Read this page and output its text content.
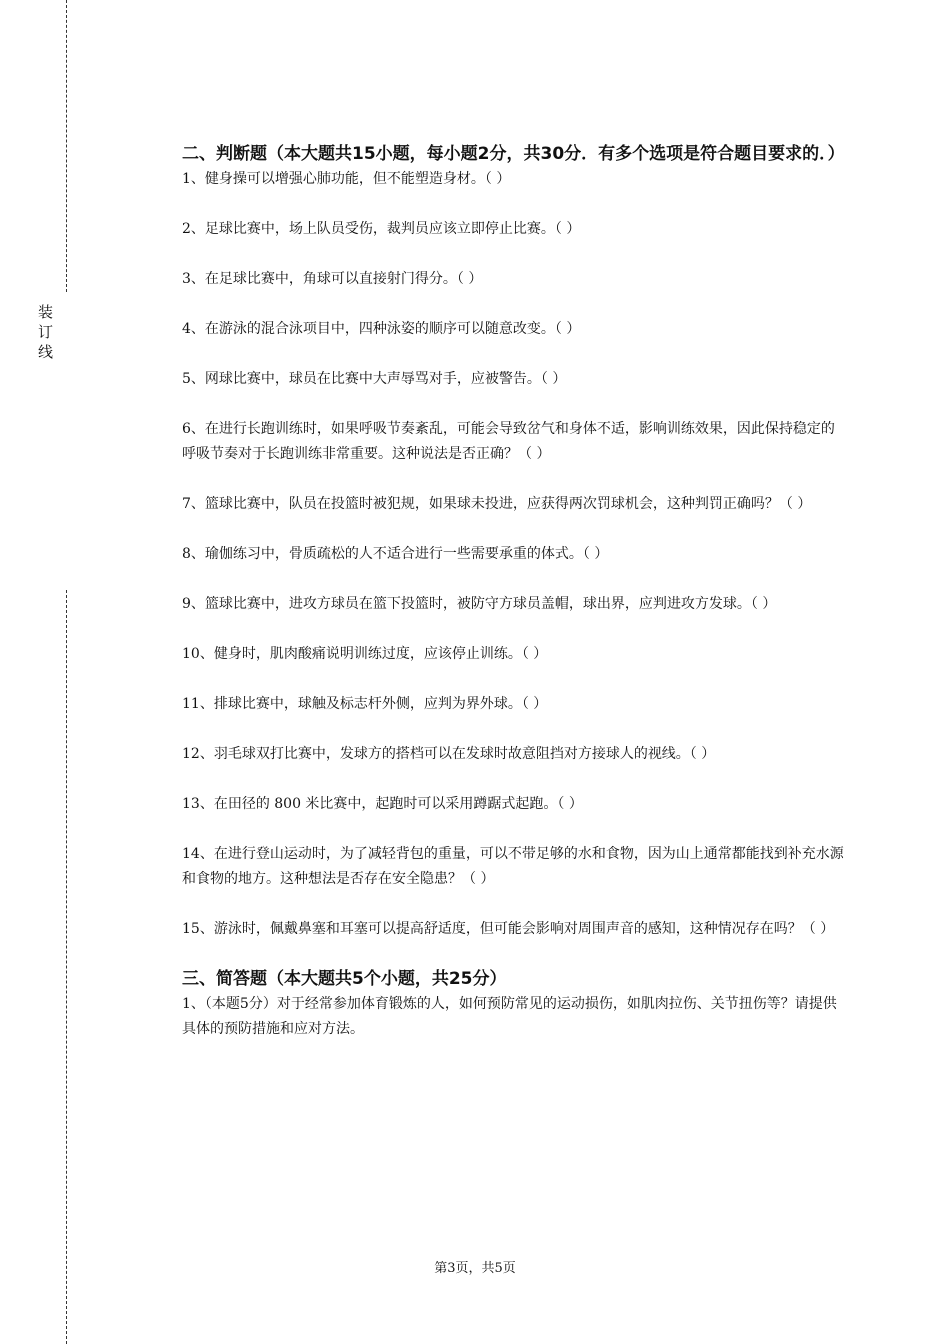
装订线

二、判断题（本大题共15小题，每小题2分，共30分．有多个选项是符合题目要求的．）

1、健身操可以增强心肺功能，但不能塑造身材。（ ）

2、足球比赛中，场上队员受伤，裁判员应该立即停止比赛。（ ）

3、在足球比赛中，角球可以直接射门得分。（ ）

4、在游泳的混合泳项目中，四种泳姿的顺序可以随意改变。（ ）

5、网球比赛中，球员在比赛中大声辱骂对手，应被警告。（ ）

6、在进行长跑训练时，如果呼吸节奏紊乱，可能会导致岔气和身体不适，影响训练效果，因此保持稳定的呼吸节奏对于长跑训练非常重要。这种说法是否正确？（ ）

7、篮球比赛中，队员在投篮时被犯规，如果球未投进，应获得两次罚球机会，这种判罚正确吗？（ ）

8、瑜伽练习中，骨质疏松的人不适合进行一些需要承重的体式。（ ）

9、篮球比赛中，进攻方球员在篮下投篮时，被防守方球员盖帽，球出界，应判进攻方发球。（ ）

10、健身时，肌肉酸痛说明训练过度，应该停止训练。（ ）

11、排球比赛中，球触及标志杆外侧，应判为界外球。（ ）

12、羽毛球双打比赛中，发球方的搭档可以在发球时故意阻挡对方接球人的视线。（ ）

13、在田径的 800 米比赛中，起跑时可以采用蹲踞式起跑。（ ）

14、在进行登山运动时，为了减轻背包的重量，可以不带足够的水和食物，因为山上通常都能找到补充水源和食物的地方。这种想法是否存在安全隐患？（ ）

15、游泳时，佩戴鼻塞和耳塞可以提高舒适度，但可能会影响对周围声音的感知，这种情况存在吗？（ ）

三、简答题（本大题共5个小题，共25分）

1、（本题5分）对于经常参加体育锻炼的人，如何预防常见的运动损伤，如肌肉拉伤、关节扭伤等？请提供具体的预防措施和应对方法。

第3页，共5页
